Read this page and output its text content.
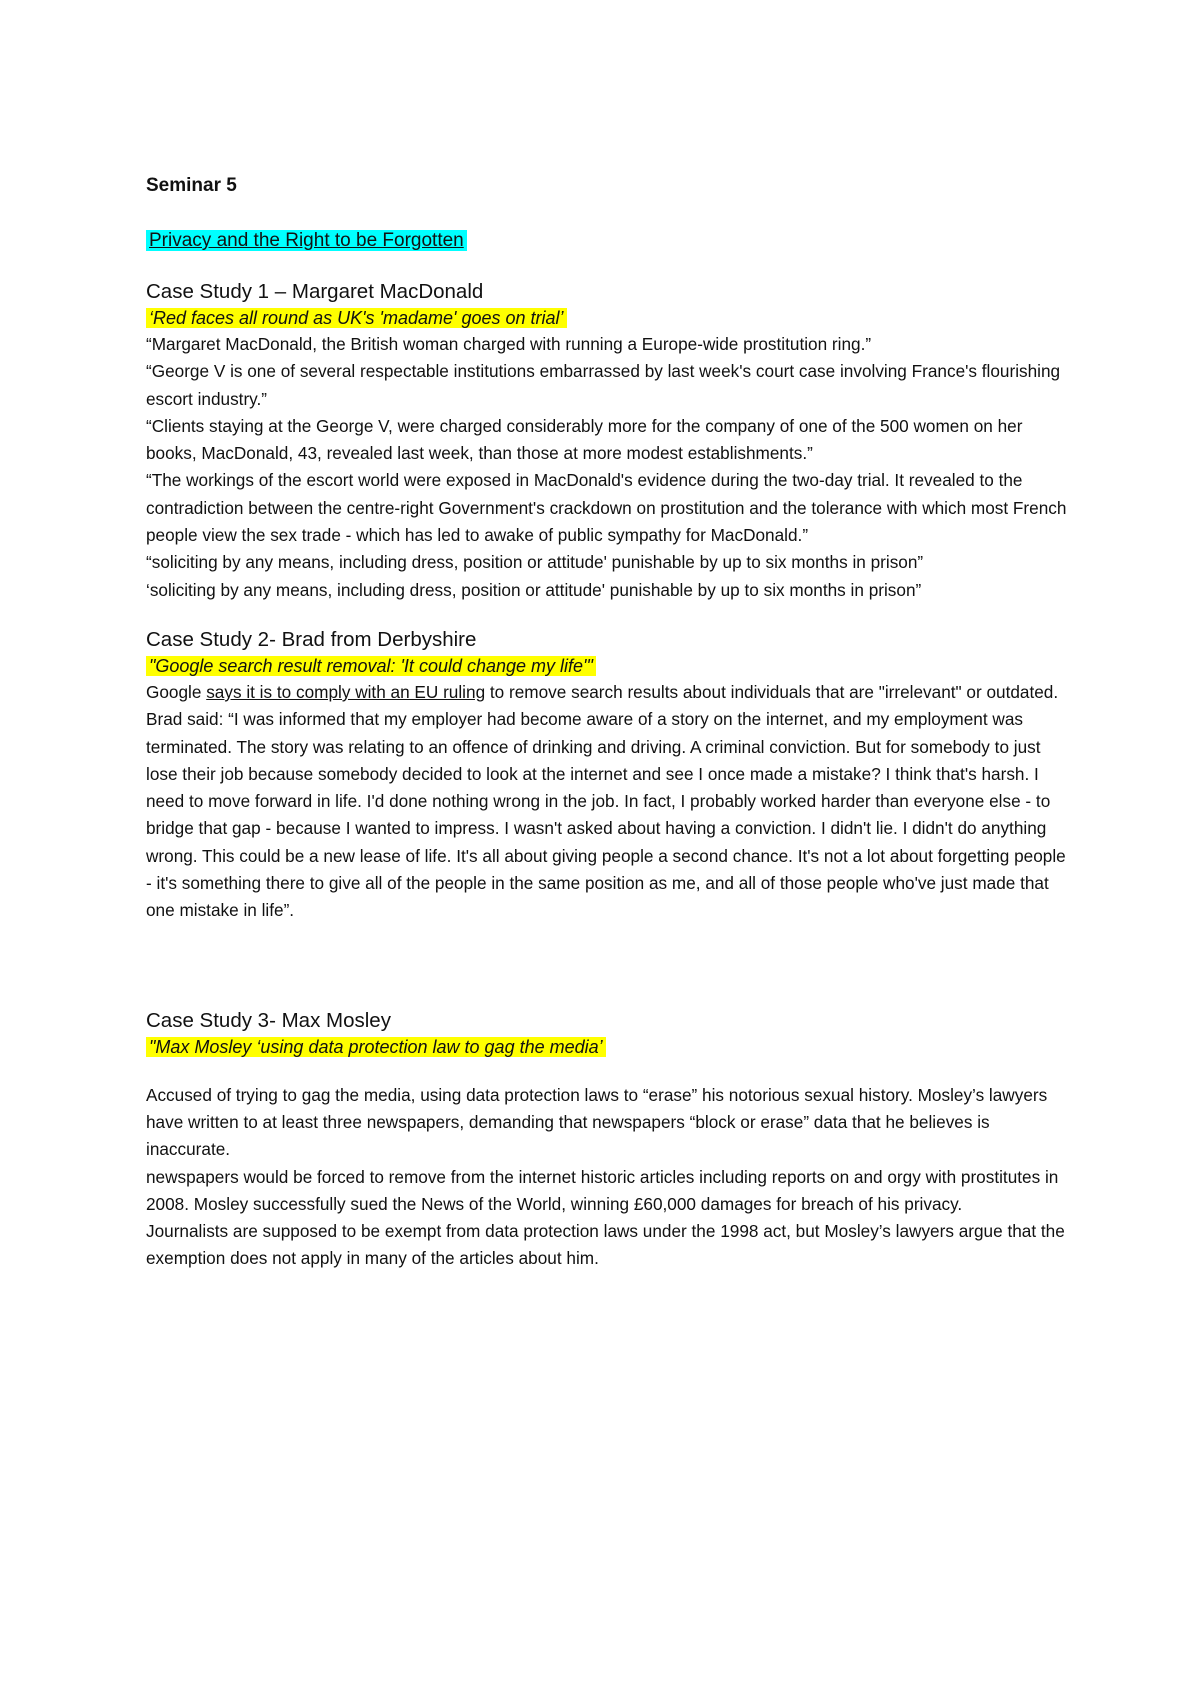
Seminar 5

Privacy and the Right to be Forgotten

Case Study 1 – Margaret MacDonald

‘Red faces all round as UK's 'madame' goes on trial’

“Margaret MacDonald, the British woman charged with running a Europe-wide prostitution ring.”

“George V is one of several respectable institutions embarrassed by last week's court case involving France's flourishing escort industry.”

“Clients staying at the George V, were charged considerably more for the company of one of the 500 women on her books, MacDonald, 43, revealed last week, than those at more modest establishments.”

“The workings of the escort world were exposed in MacDonald's evidence during the two-day trial. It revealed to the contradiction between the centre-right Government's crackdown on prostitution and the tolerance with which most French people view the sex trade - which has led to awake of public sympathy for MacDonald.”

“soliciting by any means, including dress, position or attitude' punishable by up to six months in prison”

‘soliciting by any means, including dress, position or attitude' punishable by up to six months in prison”

Case Study 2- Brad from Derbyshire

"Google search result removal: 'It could change my life'"

Google says it is to comply with an EU ruling to remove search results about individuals that are "irrelevant" or outdated. Brad said: “I was informed that my employer had become aware of a story on the internet, and my employment was terminated. The story was relating to an offence of drinking and driving. A criminal conviction. But for somebody to just lose their job because somebody decided to look at the internet and see I once made a mistake? I think that's harsh. I need to move forward in life. I'd done nothing wrong in the job. In fact, I probably worked harder than everyone else - to bridge that gap - because I wanted to impress. I wasn't asked about having a conviction. I didn't lie. I didn't do anything wrong. This could be a new lease of life. It's all about giving people a second chance. It's not a lot about forgetting people - it's something there to give all of the people in the same position as me, and all of those people who've just made that one mistake in life”.

Case Study 3- Max Mosley

"Max Mosley ‘using data protection law to gag the media’

Accused of trying to gag the media, using data protection laws to “erase” his notorious sexual history. Mosley’s lawyers have written to at least three newspapers, demanding that newspapers “block or erase” data that he believes is inaccurate.

newspapers would be forced to remove from the internet historic articles including reports on and orgy with prostitutes in 2008. Mosley successfully sued the News of the World, winning £60,000 damages for breach of his privacy.

Journalists are supposed to be exempt from data protection laws under the 1998 act, but Mosley’s lawyers argue that the exemption does not apply in many of the articles about him.
